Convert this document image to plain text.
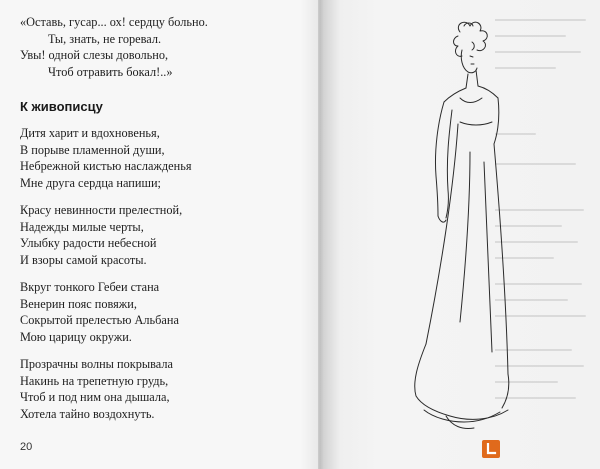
«Оставь, гусар... ох! сердцу больно.
Ты, знать, не горевал.
Увы! одной слезы довольно,
Чтоб отравить бокал!..»
К живописцу
Дитя харит и вдохновенья,
В порыве пламенной души,
Небрежной кистью наслажденья
Мне друга сердца напиши;
Красу невинности прелестной,
Надежды милые черты,
Улыбку радости небесной
И взоры самой красоты.
Вкруг тонкого Гебеи стана
Венерин пояс повяжи,
Сокрытой прелестью Альбана
Мою царицу окружи.
Прозрачны волны покрывала
Накинь на трепетную грудь,
Чтоб и под ним она дышала,
Хотела тайно воздохнуть.
20
